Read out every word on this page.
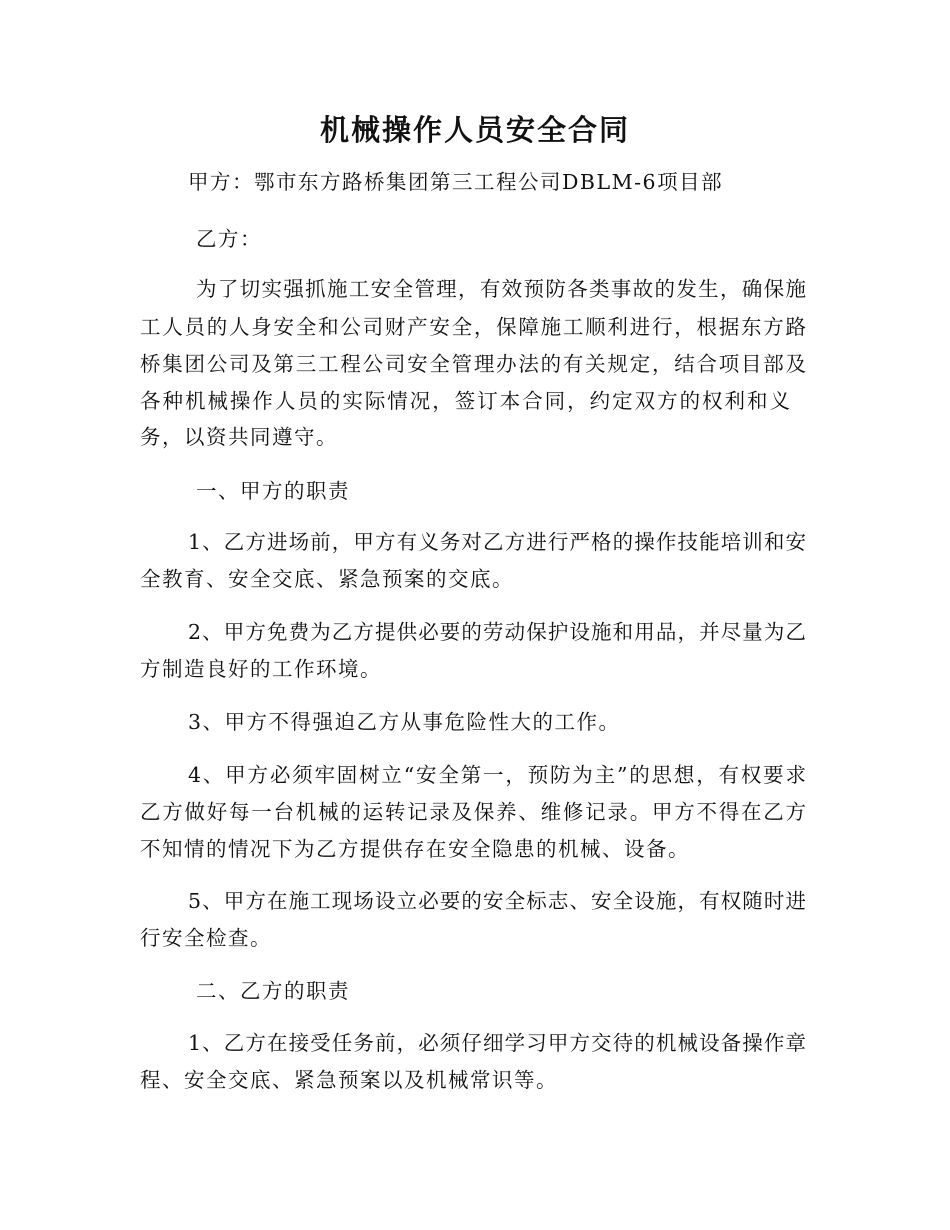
机械操作人员安全合同
甲方：鄂市东方路桥集团第三工程公司DBLM-6项目部
乙方：
为了切实强抓施工安全管理，有效预防各类事故的发生，确保施
工人员的人身安全和公司财产安全，保障施工顺利进行，根据东方路
桥集团公司及第三工程公司安全管理办法的有关规定，结合项目部及
各种机械操作人员的实际情况，签订本合同，约定双方的权利和义
务，以资共同遵守。
一、甲方的职责
1、乙方进场前，甲方有义务对乙方进行严格的操作技能培训和安
全教育、安全交底、紧急预案的交底。
2、甲方免费为乙方提供必要的劳动保护设施和用品，并尽量为乙
方制造良好的工作环境。
3、甲方不得强迫乙方从事危险性大的工作。
4、甲方必须牢固树立“安全第一，预防为主”的思想，有权要求
乙方做好每一台机械的运转记录及保养、维修记录。甲方不得在乙方
不知情的情况下为乙方提供存在安全隐患的机械、设备。
5、甲方在施工现场设立必要的安全标志、安全设施，有权随时进
行安全检查。
二、乙方的职责
1、乙方在接受任务前，必须仔细学习甲方交待的机械设备操作章
程、安全交底、紧急预案以及机械常识等。
